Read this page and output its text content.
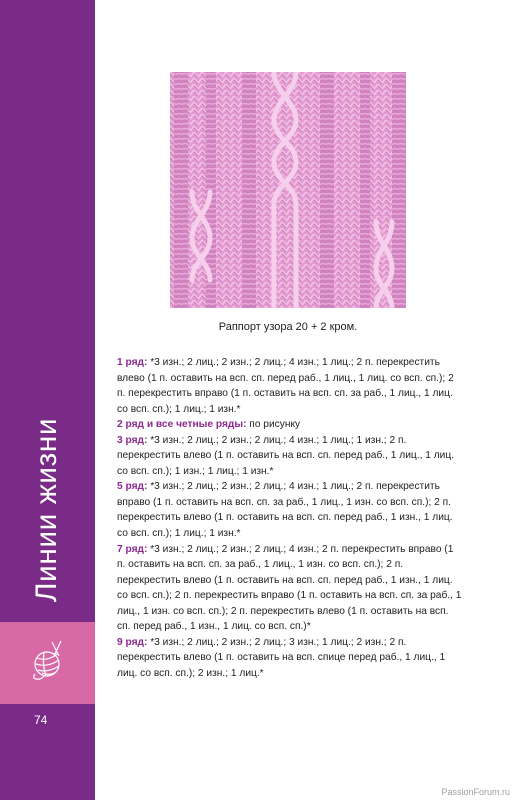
Линии жизни
74
Раппорт узора 20 + 2 кром.

1 ряд: *3 изн.; 2 лиц.; 2 изн.; 2 лиц.; 4 изн.; 1 лиц.; 2 п. перекрестить влево (1 п. оставить на всп. сп. перед раб., 1 лиц., 1 лиц. со всп. сп.); 2 п. перекрестить вправо (1 п. оставить на всп. сп. за раб., 1 лиц., 1 лиц. со всп. сп.); 1 лиц.; 1 изн.*

2 ряд и все четные ряды: по рисунку

3 ряд: *3 изн.; 2 лиц.; 2 изн.; 2 лиц.; 4 изн.; 1 лиц.; 1 изн.; 2 п. перекрестить влево (1 п. оставить на всп. сп. перед раб., 1 лиц., 1 лиц. со всп. сп.); 1 изн.; 1 лиц.; 1 изн.*

5 ряд: *3 изн.; 2 лиц.; 2 изн.; 2 лиц.; 4 изн.; 1 лиц.; 2 п. перекрестить вправо (1 п. оставить на всп. сп. за раб., 1 лиц., 1 изн. со всп. сп.); 2 п. перекрестить влево (1 п. оставить на всп. сп. перед раб., 1 изн., 1 лиц. со всп. сп.); 1 лиц.; 1 изн.*

7 ряд: *3 изн.; 2 лиц.; 2 изн.; 2 лиц.; 4 изн.; 2 п. перекрестить вправо (1 п. оставить на всп. сп. за раб., 1 лиц., 1 изн. со всп. сп.); 2 п. перекрестить влево (1 п. оставить на всп. сп. перед раб., 1 изн., 1 лиц. со всп. сп.); 2 п. перекрестить вправо (1 п. оставить на всп. сп. за раб., 1 лиц., 1 изн. со всп. сп.); 2 п. перекрестить влево (1 п. оставить на всп. сп. перед раб., 1 изн., 1 лиц. со всп. сп.)*

9 ряд: *3 изн.; 2 лиц.; 2 изн.; 2 лиц.; 3 изн.; 1 лиц.; 2 изн.; 2 п. перекрестить влево (1 п. оставить на всп. спице перед раб., 1 лиц., 1 лиц. со всп. сп.); 2 изн.; 1 лиц.*

PassionForum.ru
